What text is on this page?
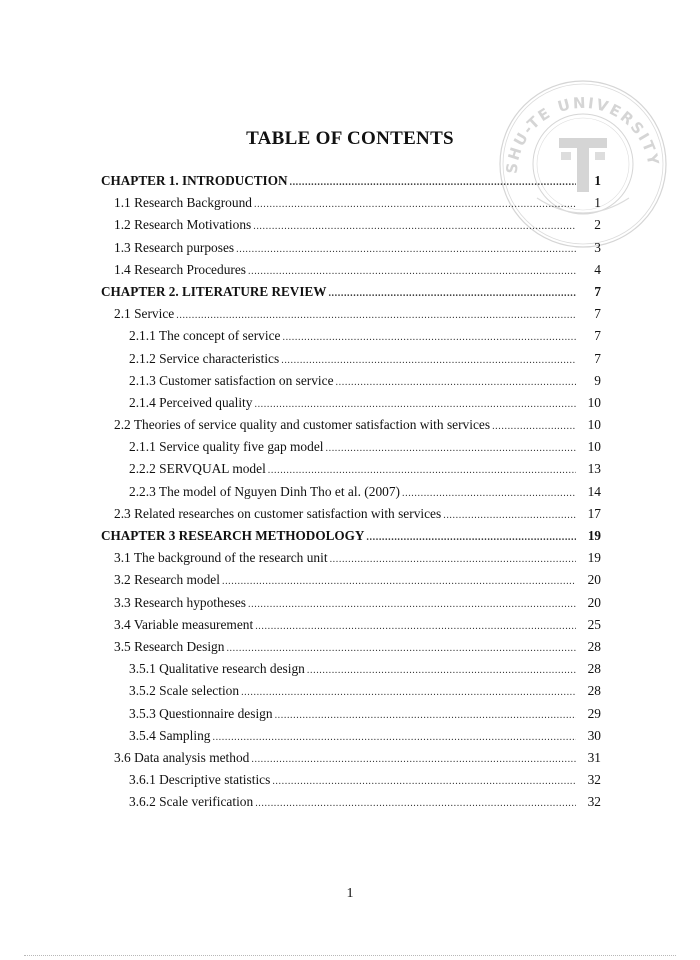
SHU-TE UNIVERSITY
TABLE OF CONTENTS
CHAPTER 1. INTRODUCTION .....	1
1.1 Research Background .....	1
1.2 Research Motivations .....	2
1.3 Research purposes .....	3
1.4 Research Procedures .....	4
CHAPTER 2. LITERATURE REVIEW .....	7
2.1 Service .....	7
2.1.1 The concept of service .....	7
2.1.2 Service characteristics .....	7
2.1.3 Customer satisfaction on service .....	9
2.1.4 Perceived quality .....	10
2.2 Theories of service quality and customer satisfaction with services .....	10
2.1.1 Service quality five gap model .....	10
2.2.2 SERVQUAL model .....	13
2.2.3 The model of Nguyen Dinh Tho et al. (2007) .....	14
2.3 Related researches on customer satisfaction with services .....	17
CHAPTER 3 RESEARCH METHODOLOGY .....	19
3.1 The background of the research unit .....	19
3.2 Research model .....	20
3.3 Research hypotheses .....	20
3.4 Variable measurement .....	25
3.5 Research Design .....	28
3.5.1 Qualitative research design .....	28
3.5.2 Scale selection .....	28
3.5.3 Questionnaire design .....	29
3.5.4 Sampling .....	30
3.6 Data analysis method .....	31
3.6.1 Descriptive statistics .....	32
3.6.2 Scale verification .....	32
1
